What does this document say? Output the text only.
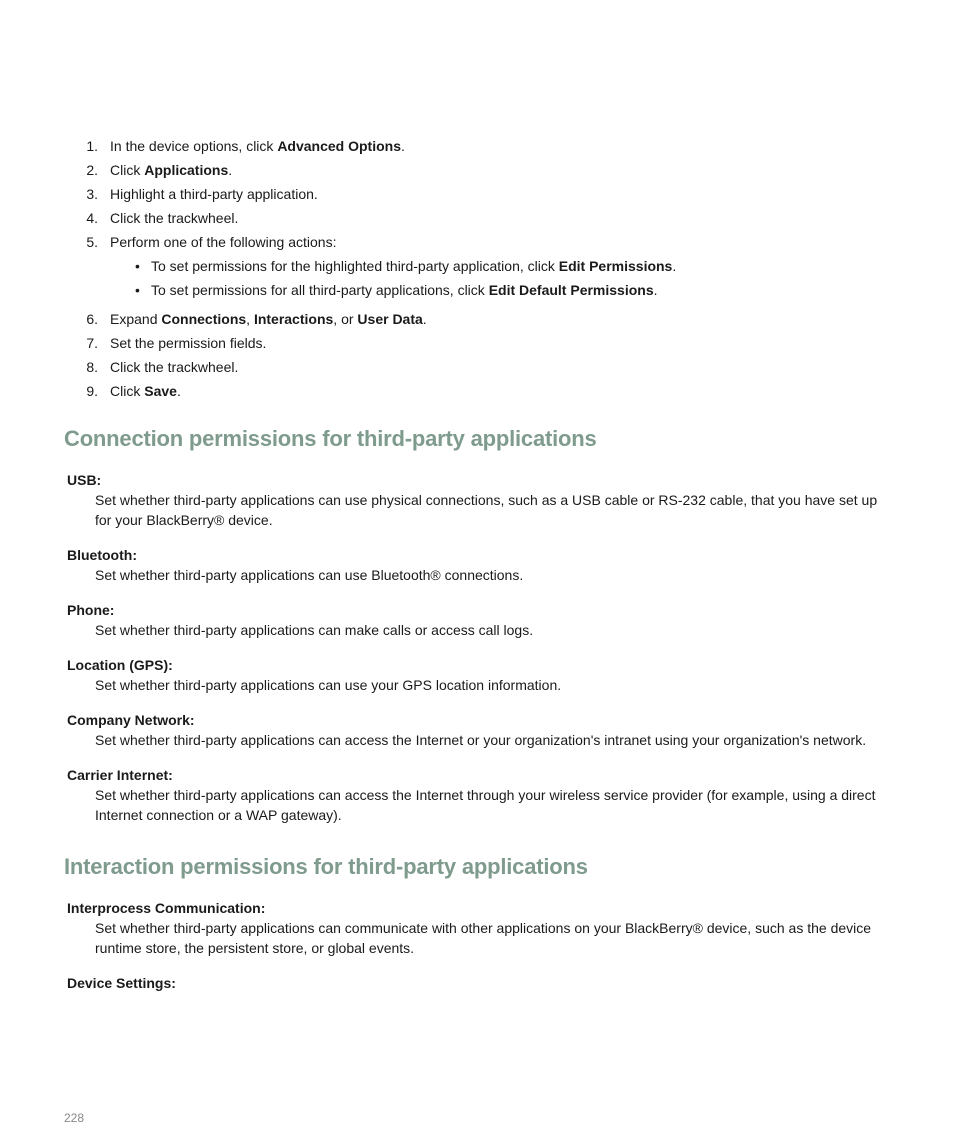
1. In the device options, click Advanced Options.
2. Click Applications.
3. Highlight a third-party application.
4. Click the trackwheel.
5. Perform one of the following actions:
• To set permissions for the highlighted third-party application, click Edit Permissions.
• To set permissions for all third-party applications, click Edit Default Permissions.
6. Expand Connections, Interactions, or User Data.
7. Set the permission fields.
8. Click the trackwheel.
9. Click Save.
Connection permissions for third-party applications
USB:
Set whether third-party applications can use physical connections, such as a USB cable or RS-232 cable, that you have set up for your BlackBerry® device.
Bluetooth:
Set whether third-party applications can use Bluetooth® connections.
Phone:
Set whether third-party applications can make calls or access call logs.
Location (GPS):
Set whether third-party applications can use your GPS location information.
Company Network:
Set whether third-party applications can access the Internet or your organization's intranet using your organization's network.
Carrier Internet:
Set whether third-party applications can access the Internet through your wireless service provider (for example, using a direct Internet connection or a WAP gateway).
Interaction permissions for third-party applications
Interprocess Communication:
Set whether third-party applications can communicate with other applications on your BlackBerry® device, such as the device runtime store, the persistent store, or global events.
Device Settings:
228
